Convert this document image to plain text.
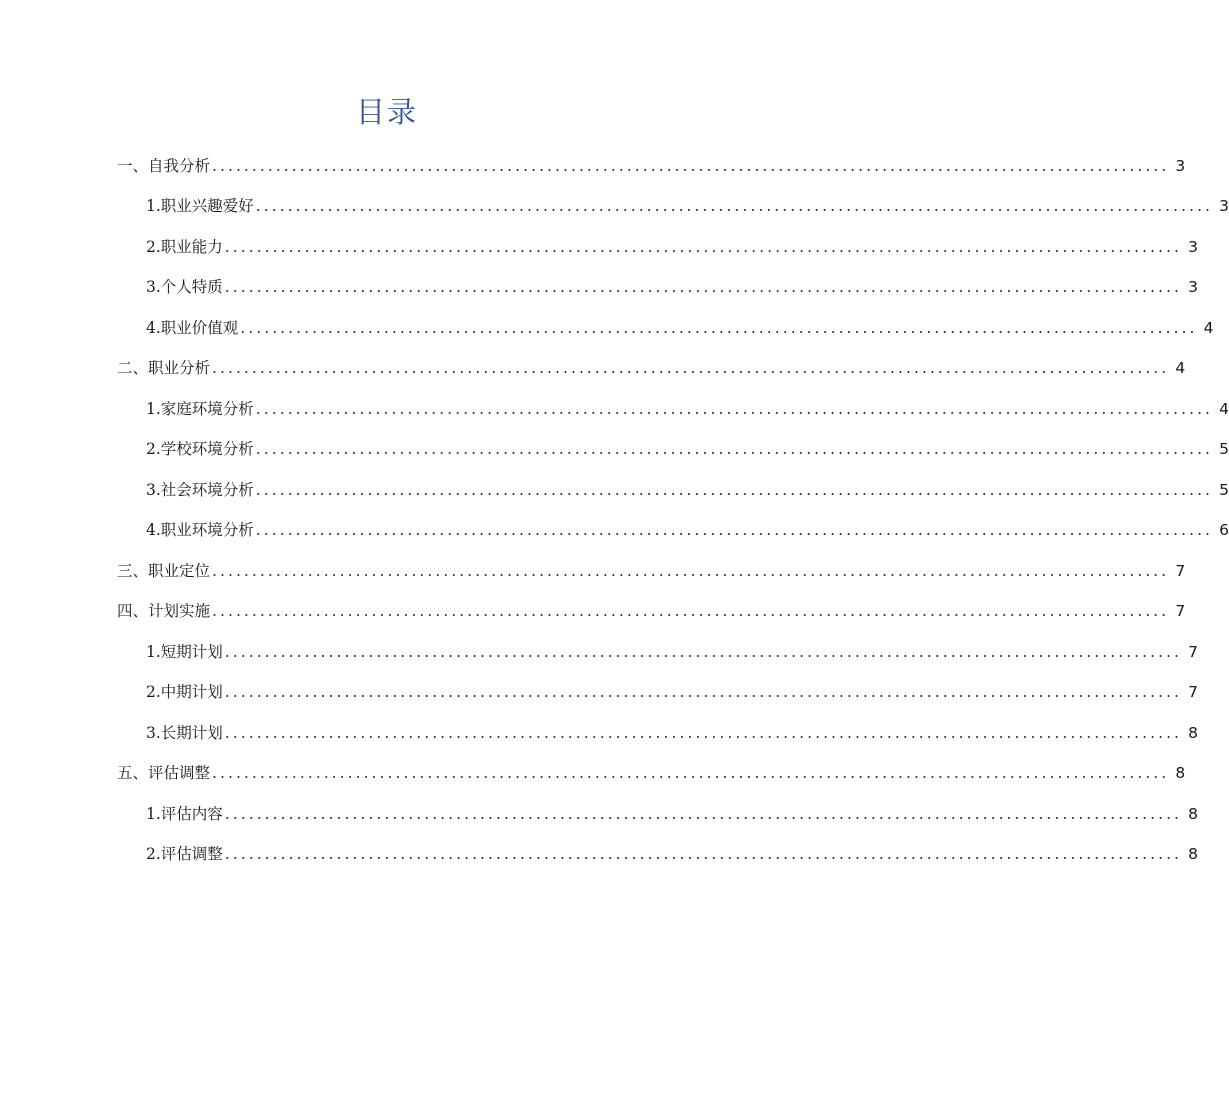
目录
一、自我分析 ........................................................................................................................ 3
1.职业兴趣爱好 ........................................................................................................................ 3
2.职业能力 ........................................................................................................................ 3
3.个人特质 ........................................................................................................................ 3
4.职业价值观 ........................................................................................................................ 4
二、职业分析 ........................................................................................................................ 4
1.家庭环境分析 ........................................................................................................................ 4
2.学校环境分析 ........................................................................................................................ 5
3.社会环境分析 ........................................................................................................................ 5
4.职业环境分析 ........................................................................................................................ 6
三、职业定位 ........................................................................................................................ 7
四、计划实施 ........................................................................................................................ 7
1.短期计划 ........................................................................................................................ 7
2.中期计划 ........................................................................................................................ 7
3.长期计划 ........................................................................................................................ 8
五、评估调整 ........................................................................................................................ 8
1.评估内容 ........................................................................................................................ 8
2.评估调整 ........................................................................................................................ 8
